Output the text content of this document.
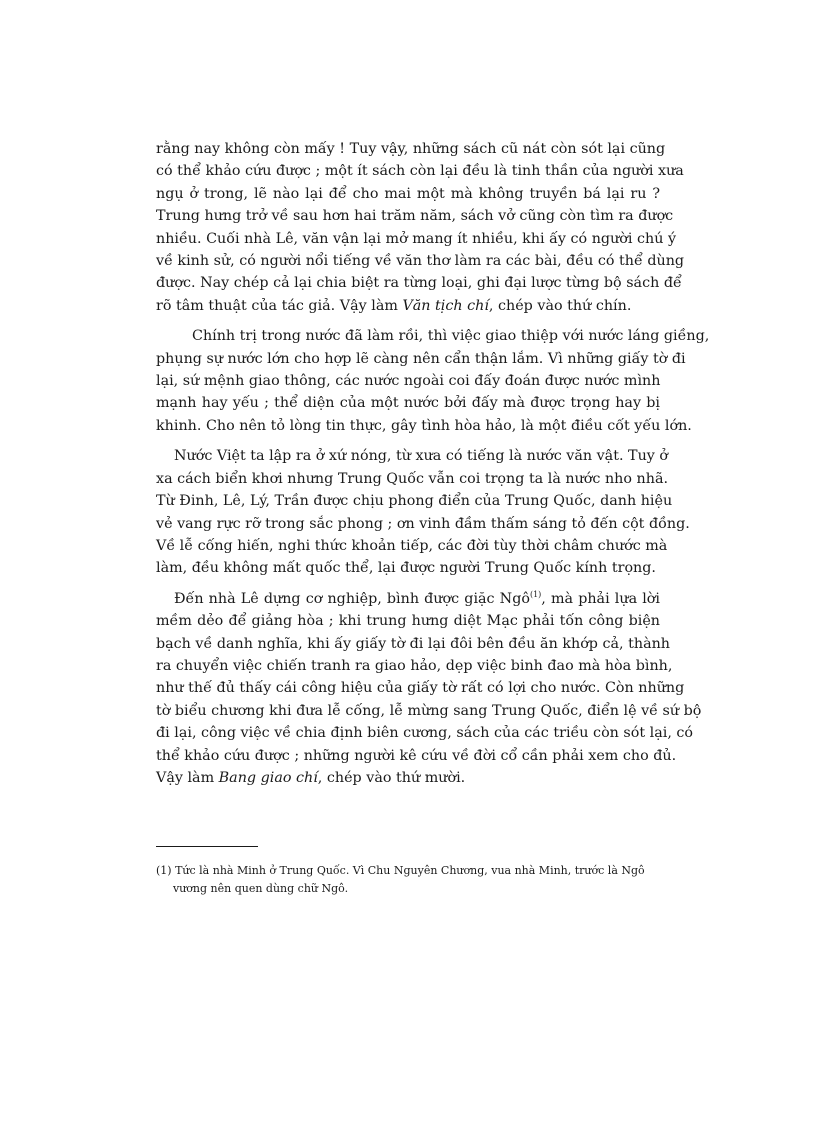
rằng nay không còn mấy ! Tuy vậy, những sách cũ nát còn sót lại cũng có thể khảo cứu được ; một ít sách còn lại đều là tinh thần của người xưa ngụ ở trong, lẽ nào lại để cho mai một mà không truyền bá lại ru ? Trung hưng trở về sau hơn hai trăm năm, sách vở cũng còn tìm ra được nhiều. Cuối nhà Lê, văn vận lại mở mang ít nhiều, khi ấy có người chú ý về kinh sử, có người nổi tiếng về văn thơ làm ra các bài, đều có thể dùng được. Nay chép cả lại chia biệt ra từng loại, ghi đại lược từng bộ sách để rõ tâm thuật của tác giả. Vậy làm Văn tịch chí, chép vào thứ chín.
Chính trị trong nước đã làm rồi, thì việc giao thiệp với nước láng giềng, phụng sự nước lớn cho hợp lẽ càng nên cẩn thận lắm. Vì những giấy tờ đi lại, sứ mệnh giao thông, các nước ngoài coi đấy đoán được nước mình mạnh hay yếu ; thể diện của một nước bởi đấy mà được trọng hay bị khinh. Cho nên tỏ lòng tin thực, gây tình hòa hảo, là một điều cốt yếu lớn.
Nước Việt ta lập ra ở xứ nóng, từ xưa có tiếng là nước văn vật. Tuy ở xa cách biển khơi nhưng Trung Quốc vẫn coi trọng ta là nước nho nhã. Từ Đinh, Lê, Lý, Trần được chịu phong điển của Trung Quốc, danh hiệu vẻ vang rực rỡ trong sắc phong ; ơn vinh đầm thấm sáng tỏ đến cột đồng. Về lễ cống hiến, nghi thức khoản tiếp, các đời tùy thời châm chước mà làm, đều không mất quốc thể, lại được người Trung Quốc kính trọng.
Đến nhà Lê dựng cơ nghiệp, bình được giặc Ngô$^{(1)}$, mà phải lựa lời mềm dẻo để giảng hòa ; khi trung hưng diệt Mạc phải tốn công biện bạch về danh nghĩa, khi ấy giấy tờ đi lại đôi bên đều ăn khớp cả, thành ra chuyển việc chiến tranh ra giao hảo, dẹp việc binh đao mà hòa bình, như thế đủ thấy cái công hiệu của giấy tờ rất có lợi cho nước. Còn những tờ biểu chương khi đưa lễ cống, lễ mừng sang Trung Quốc, điển lệ về sứ bộ đi lại, công việc về chia định biên cương, sách của các triều còn sót lại, có thể khảo cứu được ; những người kê cứu về đời cổ cần phải xem cho đủ. Vậy làm Bang giao chí, chép vào thứ mười.
(1) Tức là nhà Minh ở Trung Quốc. Vì Chu Nguyên Chương, vua nhà Minh, trước là Ngô
vương nên quen dùng chữ Ngô.
